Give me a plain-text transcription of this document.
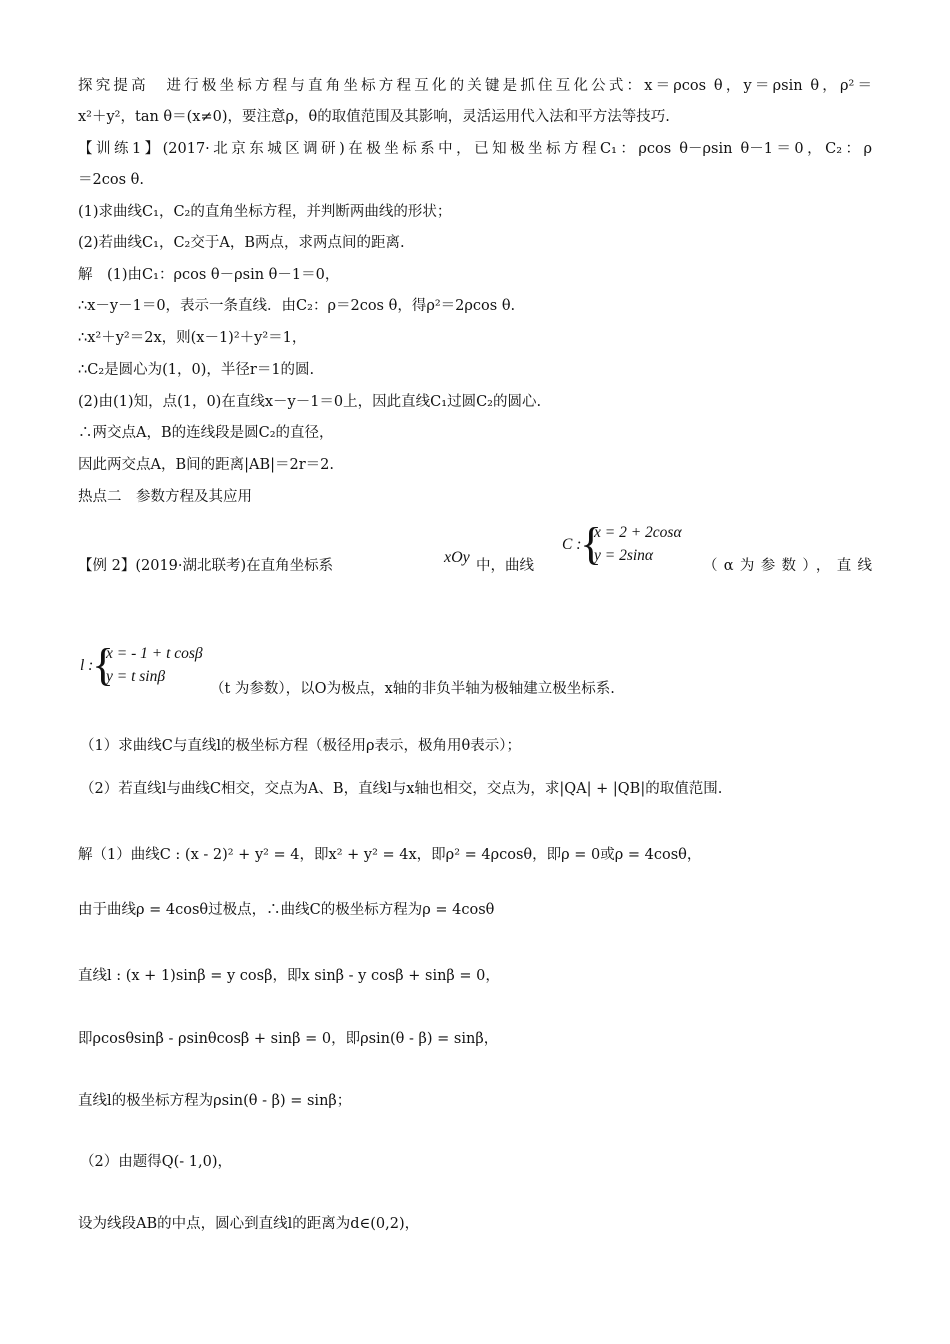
探究提高　进行极坐标方程与直角坐标方程互化的关键是抓住互化公式：x＝ρcos θ，y＝ρsin θ，ρ²＝
x²＋y²，tan θ＝(x≠0)，要注意ρ，θ的取值范围及其影响，灵活运用代入法和平方法等技巧.
【训练1】(2017·北京东城区调研)在极坐标系中，已知极坐标方程C₁：ρcos θ－ρsin θ－1＝0，C₂：ρ
＝2cos θ.
(1)求曲线C₁，C₂的直角坐标方程，并判断两曲线的形状；
(2)若曲线C₁，C₂交于A，B两点，求两点间的距离.
解　(1)由C₁：ρcos θ－ρsin θ－1＝0，
∴x－y－1＝0，表示一条直线．由C₂：ρ＝2cos θ，得ρ²＝2ρcos θ.
∴x²＋y²＝2x，则(x－1)²＋y²＝1，
∴C₂是圆心为(1，0)，半径r＝1的圆.
(2)由(1)知，点(1，0)在直线x－y－1＝0上，因此直线C₁过圆C₂的圆心.
∴两交点A，B的连线段是圆C₂的直径，
因此两交点A，B间的距离|AB|＝2r＝2.
热点二　参数方程及其应用
【例 2】(2019·湖北联考)在直角坐标系	xOy 中，曲线
C :
{
x = 2 + 2cosα
y = 2sinα
（α为参数），直线
l :
{
x = - 1 + t cosβ
y = t sinβ
（t 为参数），以O为极点，x轴的非负半轴为极轴建立极坐标系.
（1）求曲线C与直线l的极坐标方程（极径用ρ表示，极角用θ表示）；
（2）若直线l与曲线C相交，交点为A、B，直线l与x轴也相交，交点为，求|QA| + |QB|的取值范围.
解（1）曲线C : (x - 2)² + y² = 4，即x² + y² = 4x，即ρ² = 4ρcosθ，即ρ = 0或ρ = 4cosθ，
由于曲线ρ = 4cosθ过极点，∴曲线C的极坐标方程为ρ = 4cosθ
直线l : (x + 1)sinβ = y cosβ，即x sinβ - y cosβ + sinβ = 0，
即ρcosθsinβ - ρsinθcosβ + sinβ = 0，即ρsin(θ - β) = sinβ，
直线l的极坐标方程为ρsin(θ - β) = sinβ；
（2）由题得Q(- 1,0)，
设为线段AB的中点，圆心到直线l的距离为d∈(0,2)，
